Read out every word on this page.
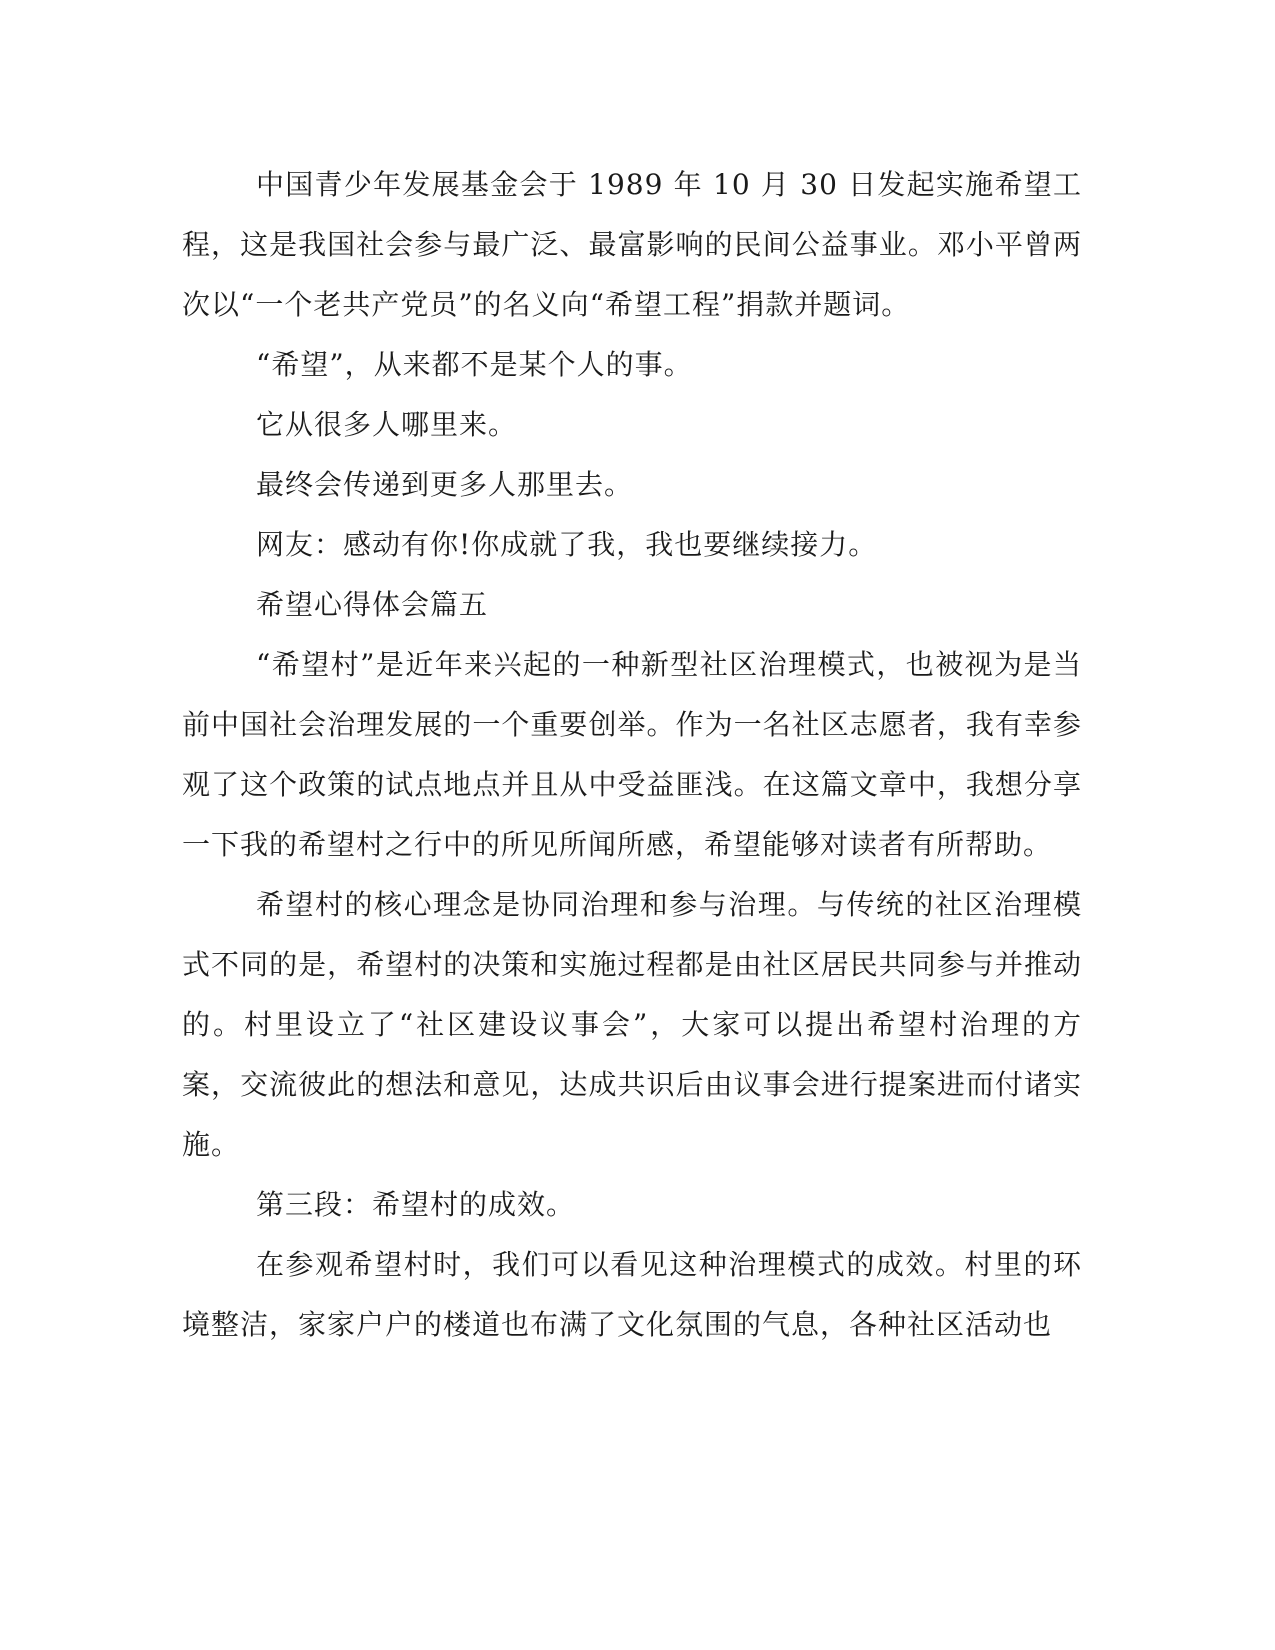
中国青少年发展基金会于 1989 年 10 月 30 日发起实施希望工程，这是我国社会参与最广泛、最富影响的民间公益事业。邓小平曾两次以“一个老共产党员”的名义向“希望工程”捐款并题词。

“希望”，从来都不是某个人的事。

它从很多人哪里来。

最终会传递到更多人那里去。

网友：感动有你!你成就了我，我也要继续接力。

希望心得体会篇五

“希望村”是近年来兴起的一种新型社区治理模式，也被视为是当前中国社会治理发展的一个重要创举。作为一名社区志愿者，我有幸参观了这个政策的试点地点并且从中受益匪浅。在这篇文章中，我想分享一下我的希望村之行中的所见所闻所感，希望能够对读者有所帮助。

希望村的核心理念是协同治理和参与治理。与传统的社区治理模式不同的是，希望村的决策和实施过程都是由社区居民共同参与并推动的。村里设立了“社区建设议事会”，大家可以提出希望村治理的方案，交流彼此的想法和意见，达成共识后由议事会进行提案进而付诸实施。

第三段：希望村的成效。

在参观希望村时，我们可以看见这种治理模式的成效。村里的环境整洁，家家户户的楼道也布满了文化氛围的气息，各种社区活动也
